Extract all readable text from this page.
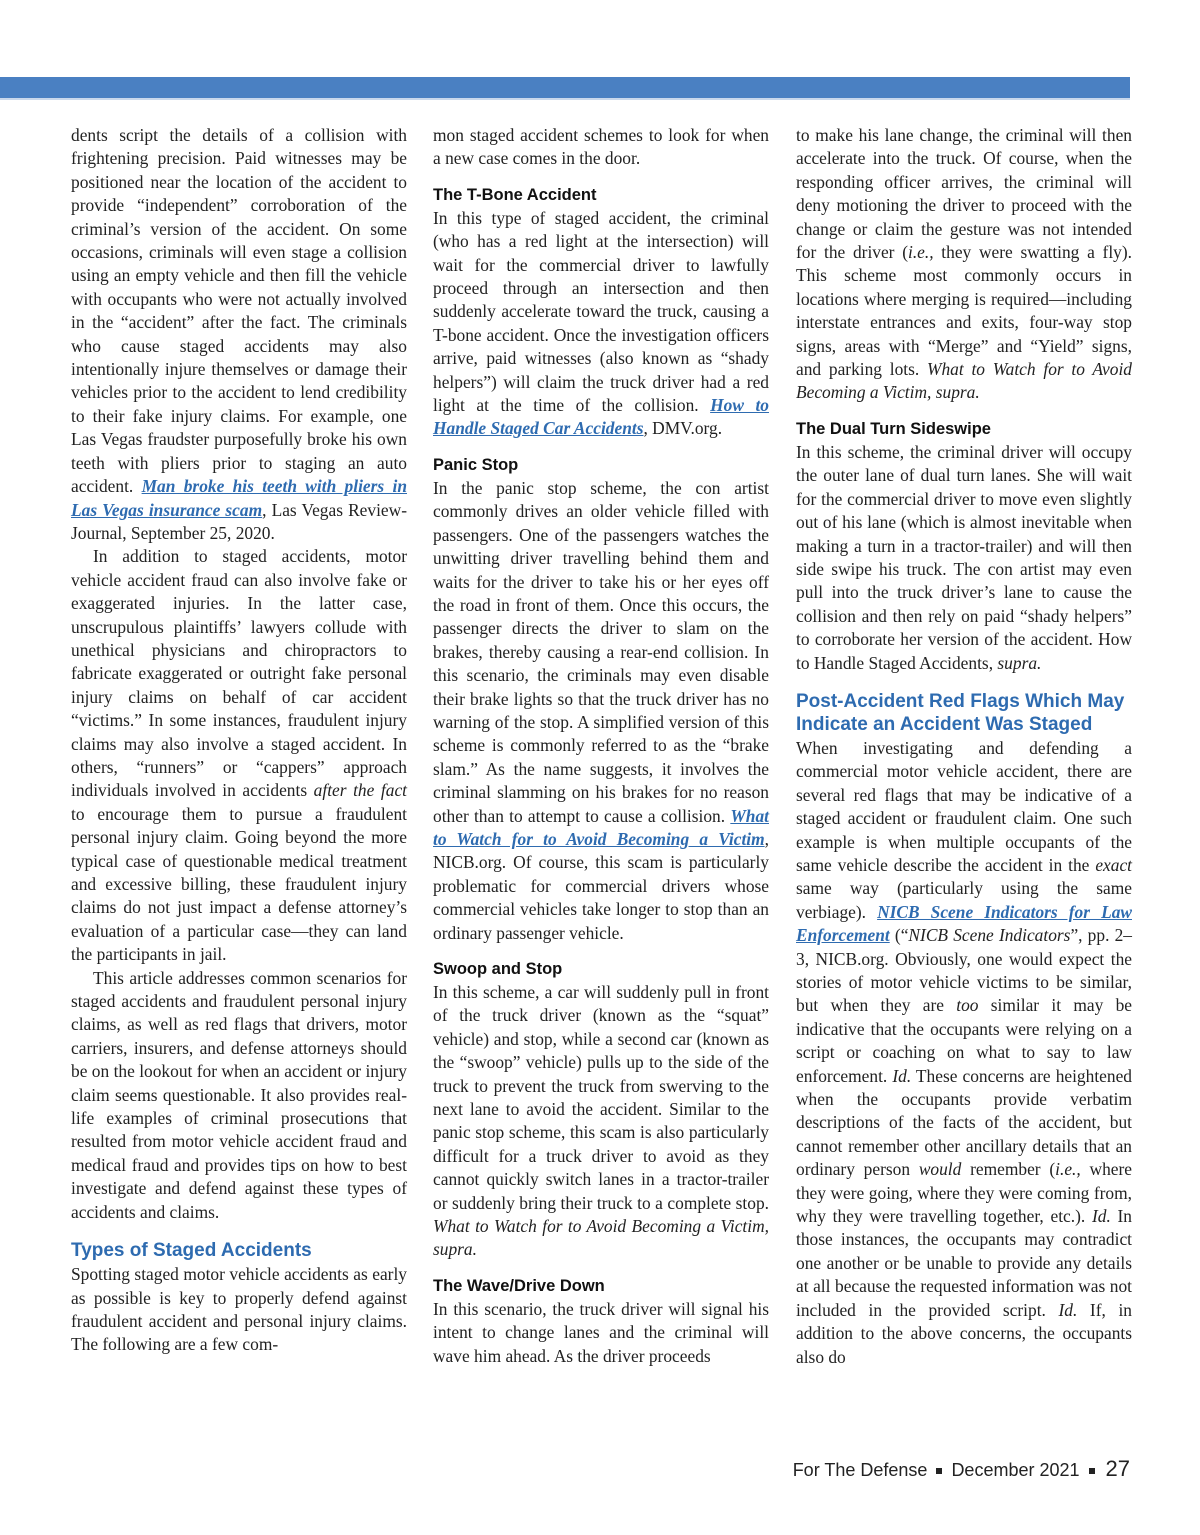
dents script the details of a collision with frightening precision. Paid witnesses may be positioned near the location of the accident to provide “independent” corroboration of the criminal’s version of the accident. On some occasions, criminals will even stage a collision using an empty vehicle and then fill the vehicle with occupants who were not actually involved in the “accident” after the fact. The criminals who cause staged accidents may also intentionally injure themselves or damage their vehicles prior to the accident to lend credibility to their fake injury claims. For example, one Las Vegas fraudster purposefully broke his own teeth with pliers prior to staging an auto accident. Man broke his teeth with pliers in Las Vegas insurance scam, Las Vegas Review-Journal, September 25, 2020.

In addition to staged accidents, motor vehicle accident fraud can also involve fake or exaggerated injuries. In the latter case, unscrupulous plaintiffs’ lawyers collude with unethical physicians and chiropractors to fabricate exaggerated or outright fake personal injury claims on behalf of car accident “victims.” In some instances, fraudulent injury claims may also involve a staged accident. In others, “runners” or “cappers” approach individuals involved in accidents after the fact to encourage them to pursue a fraudulent personal injury claim. Going beyond the more typical case of questionable medical treatment and excessive billing, these fraudulent injury claims do not just impact a defense attorney’s evaluation of a particular case—they can land the participants in jail.

This article addresses common scenarios for staged accidents and fraudulent personal injury claims, as well as red flags that drivers, motor carriers, insurers, and defense attorneys should be on the lookout for when an accident or injury claim seems questionable. It also provides real-life examples of criminal prosecutions that resulted from motor vehicle accident fraud and medical fraud and provides tips on how to best investigate and defend against these types of accidents and claims.

Types of Staged Accidents

Spotting staged motor vehicle accidents as early as possible is key to properly defend against fraudulent accident and personal injury claims. The following are a few com-

mon staged accident schemes to look for when a new case comes in the door.

The T-Bone Accident

In this type of staged accident, the criminal (who has a red light at the intersection) will wait for the commercial driver to lawfully proceed through an intersection and then suddenly accelerate toward the truck, causing a T-bone accident. Once the investigation officers arrive, paid witnesses (also known as “shady helpers”) will claim the truck driver had a red light at the time of the collision. How to Handle Staged Car Accidents, DMV.org.

Panic Stop

In the panic stop scheme, the con artist commonly drives an older vehicle filled with passengers. One of the passengers watches the unwitting driver travelling behind them and waits for the driver to take his or her eyes off the road in front of them. Once this occurs, the passenger directs the driver to slam on the brakes, thereby causing a rear-end collision. In this scenario, the criminals may even disable their brake lights so that the truck driver has no warning of the stop. A simplified version of this scheme is commonly referred to as the “brake slam.” As the name suggests, it involves the criminal slamming on his brakes for no reason other than to attempt to cause a collision. What to Watch for to Avoid Becoming a Victim, NICB.org. Of course, this scam is particularly problematic for commercial drivers whose commercial vehicles take longer to stop than an ordinary passenger vehicle.

Swoop and Stop

In this scheme, a car will suddenly pull in front of the truck driver (known as the “squat” vehicle) and stop, while a second car (known as the “swoop” vehicle) pulls up to the side of the truck to prevent the truck from swerving to the next lane to avoid the accident. Similar to the panic stop scheme, this scam is also particularly difficult for a truck driver to avoid as they cannot quickly switch lanes in a tractor-trailer or suddenly bring their truck to a complete stop. What to Watch for to Avoid Becoming a Victim, supra.

The Wave/Drive Down

In this scenario, the truck driver will signal his intent to change lanes and the criminal will wave him ahead. As the driver proceeds

to make his lane change, the criminal will then accelerate into the truck. Of course, when the responding officer arrives, the criminal will deny motioning the driver to proceed with the change or claim the gesture was not intended for the driver (i.e., they were swatting a fly). This scheme most commonly occurs in locations where merging is required—including interstate entrances and exits, four-way stop signs, areas with “Merge” and “Yield” signs, and parking lots. What to Watch for to Avoid Becoming a Victim, supra.

The Dual Turn Sideswipe

In this scheme, the criminal driver will occupy the outer lane of dual turn lanes. She will wait for the commercial driver to move even slightly out of his lane (which is almost inevitable when making a turn in a tractor-trailer) and will then side swipe his truck. The con artist may even pull into the truck driver’s lane to cause the collision and then rely on paid “shady helpers” to corroborate her version of the accident. How to Handle Staged Accidents, supra.

Post-Accident Red Flags Which May Indicate an Accident Was Staged

When investigating and defending a commercial motor vehicle accident, there are several red flags that may be indicative of a staged accident or fraudulent claim. One such example is when multiple occupants of the same vehicle describe the accident in the exact same way (particularly using the same verbiage). NICB Scene Indicators for Law Enforcement (“NICB Scene Indicators”, pp. 2–3, NICB.org. Obviously, one would expect the stories of motor vehicle victims to be similar, but when they are too similar it may be indicative that the occupants were relying on a script or coaching on what to say to law enforcement. Id. These concerns are heightened when the occupants provide verbatim descriptions of the facts of the accident, but cannot remember other ancillary details that an ordinary person would remember (i.e., where they were going, where they were coming from, why they were travelling together, etc.). Id. In those instances, the occupants may contradict one another or be unable to provide any details at all because the requested information was not included in the provided script. Id. If, in addition to the above concerns, the occupants also do

For The Defense December 2021 27
